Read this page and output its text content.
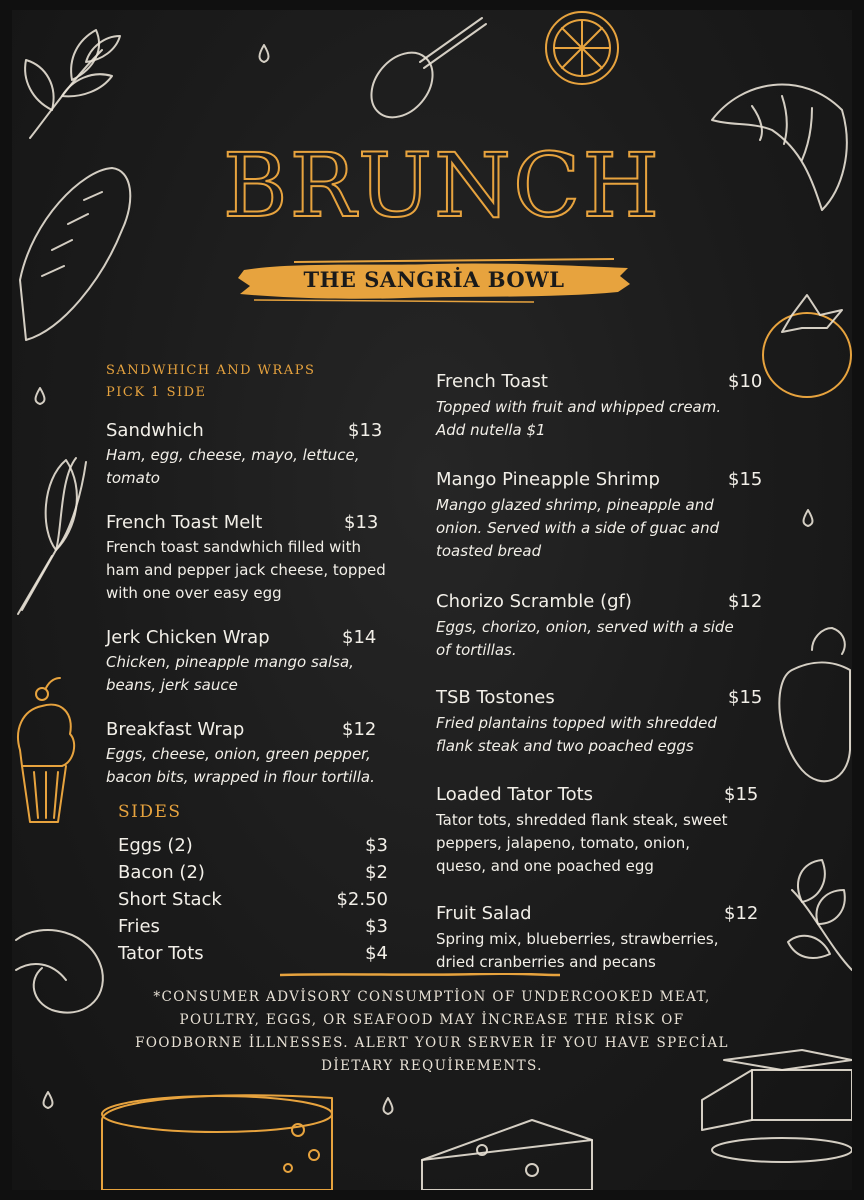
BRUNCH
THE SANGRİA BOWL
SANDWHICH AND WRAPS
PICK 1 SIDE
Sandwhich	$13
Ham, egg, cheese, mayo, lettuce,
tomato
French Toast Melt	$13
French toast sandwhich filled with
ham and pepper jack cheese, topped
with one over easy egg
Jerk Chicken Wrap	$14
Chicken, pineapple mango salsa,
beans, jerk sauce
Breakfast Wrap	$12
Eggs, cheese, onion, green pepper,
bacon bits, wrapped in flour tortilla.
SIDES
Eggs (2)	$3
Bacon (2)	$2
Short Stack	$2.50
Fries	$3
Tator Tots	$4
French Toast	$10
Topped with fruit and whipped cream.
Add nutella $1
Mango Pineapple Shrimp	$15
Mango glazed shrimp, pineapple and
onion. Served with a side of guac and
toasted bread
Chorizo Scramble (gf)	$12
Eggs, chorizo, onion, served with a side
of tortillas.
TSB Tostones	$15
Fried plantains topped with shredded
flank steak and two poached eggs
Loaded Tator Tots	$15
Tator tots, shredded flank steak, sweet
peppers, jalapeno, tomato, onion,
queso, and one poached egg
Fruit Salad	$12
Spring mix, blueberries, strawberries,
dried cranberries and pecans
*CONSUMER ADVİSORY CONSUMPTİON OF UNDERCOOKED MEAT,
POULTRY, EGGS, OR SEAFOOD MAY İNCREASE THE RİSK OF
FOODBORNE İLLNESSES. ALERT YOUR SERVER İF YOU HAVE SPECİAL
DİETARY REQUİREMENTS.
